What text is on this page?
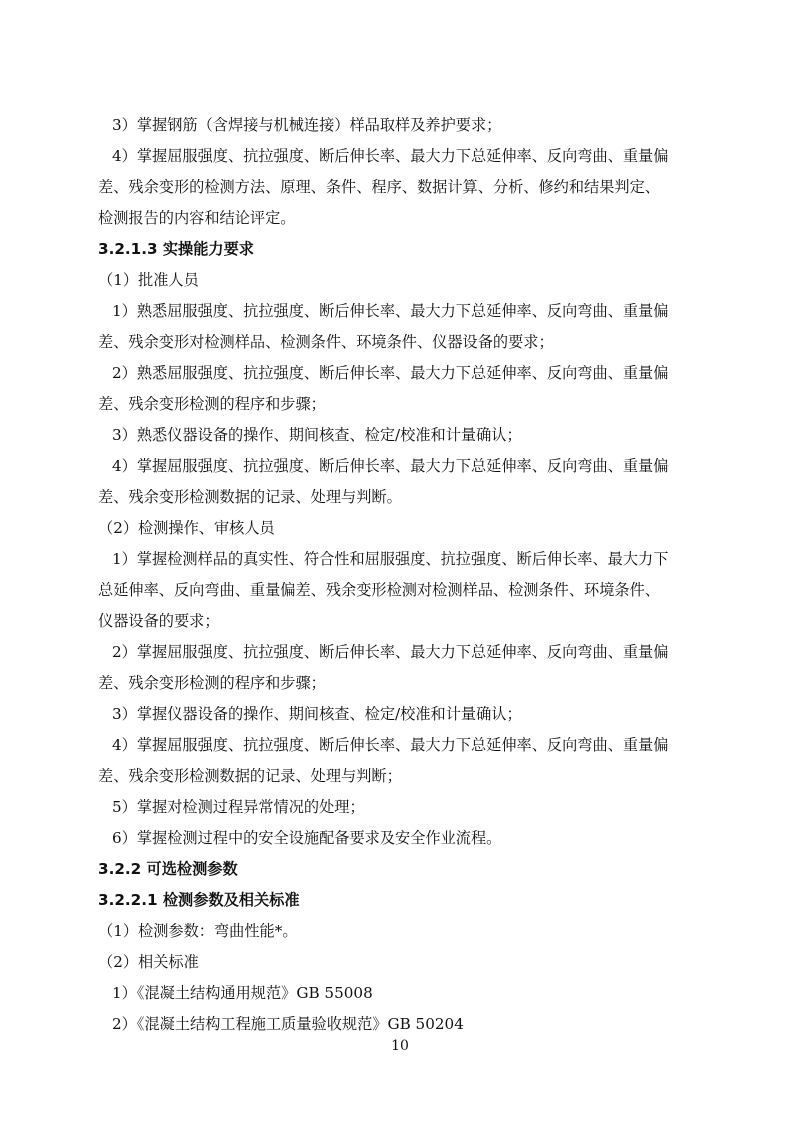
3）掌握钢筋（含焊接与机械连接）样品取样及养护要求；
4）掌握屈服强度、抗拉强度、断后伸长率、最大力下总延伸率、反向弯曲、重量偏
差、残余变形的检测方法、原理、条件、程序、数据计算、分析、修约和结果判定、
检测报告的内容和结论评定。
3.2.1.3 实操能力要求
（1）批准人员
1）熟悉屈服强度、抗拉强度、断后伸长率、最大力下总延伸率、反向弯曲、重量偏
差、残余变形对检测样品、检测条件、环境条件、仪器设备的要求；
2）熟悉屈服强度、抗拉强度、断后伸长率、最大力下总延伸率、反向弯曲、重量偏
差、残余变形检测的程序和步骤；
3）熟悉仪器设备的操作、期间核查、检定/校准和计量确认；
4）掌握屈服强度、抗拉强度、断后伸长率、最大力下总延伸率、反向弯曲、重量偏
差、残余变形检测数据的记录、处理与判断。
（2）检测操作、审核人员
1）掌握检测样品的真实性、符合性和屈服强度、抗拉强度、断后伸长率、最大力下
总延伸率、反向弯曲、重量偏差、残余变形检测对检测样品、检测条件、环境条件、
仪器设备的要求；
2）掌握屈服强度、抗拉强度、断后伸长率、最大力下总延伸率、反向弯曲、重量偏
差、残余变形检测的程序和步骤；
3）掌握仪器设备的操作、期间核查、检定/校准和计量确认；
4）掌握屈服强度、抗拉强度、断后伸长率、最大力下总延伸率、反向弯曲、重量偏
差、残余变形检测数据的记录、处理与判断；
5）掌握对检测过程异常情况的处理；
6）掌握检测过程中的安全设施配备要求及安全作业流程。
3.2.2 可选检测参数
3.2.2.1 检测参数及相关标准
（1）检测参数：弯曲性能*。
（2）相关标准
1）《混凝土结构通用规范》GB 55008
2）《混凝土结构工程施工质量验收规范》GB 50204
10
